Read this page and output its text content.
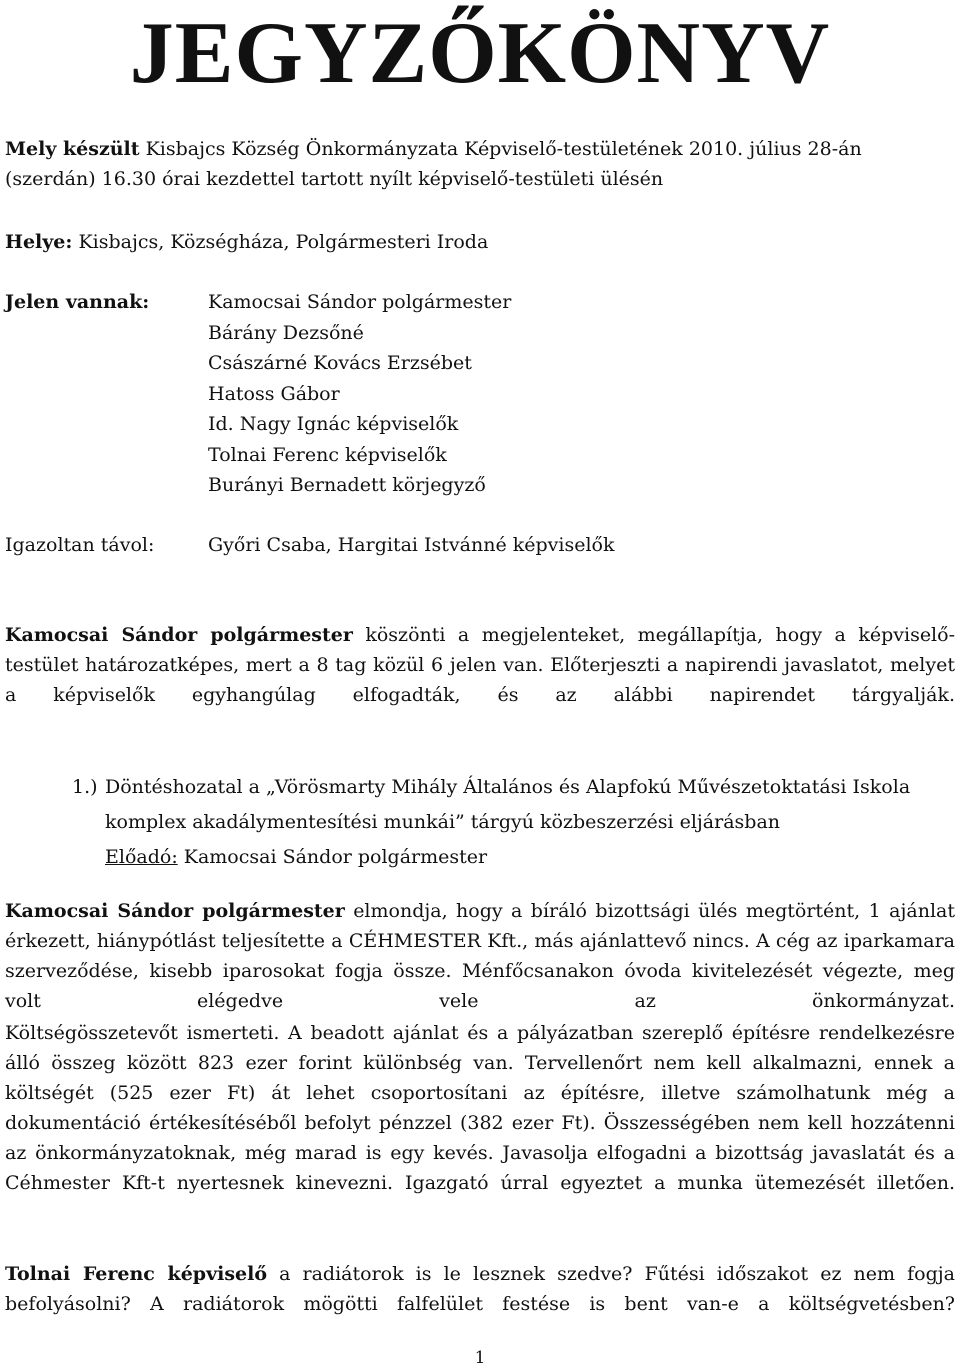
JEGYZŐKÖNYV

Mely készült Kisbajcs Község Önkormányzata Képviselő-testületének 2010. július 28-án (szerdán) 16.30 órai kezdettel tartott nyílt képviselő-testületi ülésén

Helye: Kisbajcs, Községháza, Polgármesteri Iroda

Jelen vannak:	Kamocsai Sándor polgármester
Bárány Dezsőné
Császárné Kovács Erzsébet
Hatoss Gábor
Id. Nagy Ignác képviselők
Tolnai Ferenc képviselők
Burányi Bernadett körjegyző
Igazoltan távol:	Győri Csaba, Hargitai Istvánné képviselők

Kamocsai Sándor polgármester köszönti a megjelenteket, megállapítja, hogy a képviselő-testület határozatképes, mert a 8 tag közül 6 jelen van. Előterjeszti a napirendi javaslatot, melyet a képviselők egyhangúlag elfogadták, és az alábbi napirendet tárgyalják.

1.) Döntéshozatal a „Vörösmarty Mihály Általános és Alapfokú Művészetoktatási Iskola komplex akadálymentesítési munkái” tárgyú közbeszerzési eljárásban
Előadó: Kamocsai Sándor polgármester

Kamocsai Sándor polgármester elmondja, hogy a bíráló bizottsági ülés megtörtént, 1 ajánlat érkezett, hiánypótlást teljesítette a CÉHMESTER Kft., más ajánlattevő nincs. A cég az iparkamara szerveződése, kisebb iparosokat fogja össze. Ménfőcsanakon óvoda kivitelezését végezte, meg volt elégedve vele az önkormányzat.

Költségösszetevőt ismerteti. A beadott ajánlat és a pályázatban szereplő építésre rendelkezésre álló összeg között 823 ezer forint különbség van. Tervellenőrt nem kell alkalmazni, ennek a költségét (525 ezer Ft) át lehet csoportosítani az építésre, illetve számolhatunk még a dokumentáció értékesítéséből befolyt pénzzel (382 ezer Ft). Összességében nem kell hozzátenni az önkormányzatoknak, még marad is egy kevés. Javasolja elfogadni a bizottság javaslatát és a Céhmester Kft-t nyertesnek kinevezni. Igazgató úrral egyeztet a munka ütemezését illetően.

Tolnai Ferenc képviselő a radiátorok is le lesznek szedve? Fűtési időszakot ez nem fogja befolyásolni? A radiátorok mögötti falfelület festése is bent van-e a költségvetésben?

1
